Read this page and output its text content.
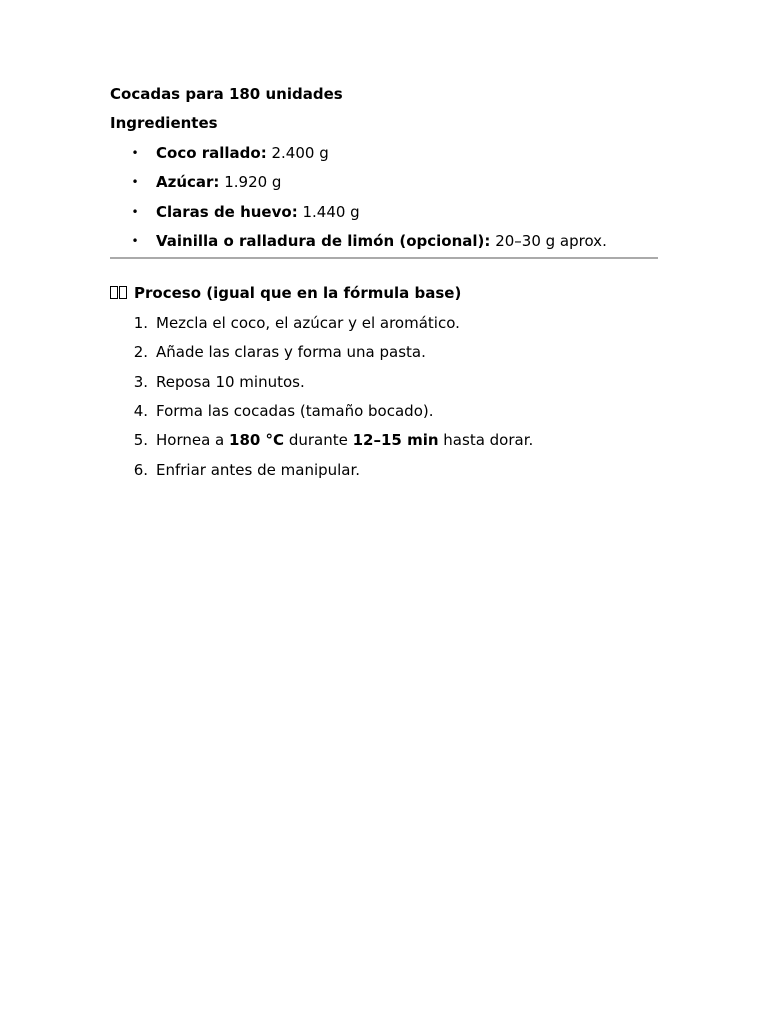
Cocadas para 180 unidades
Ingredientes
• Coco rallado: 2.400 g
• Azúcar: 1.920 g
• Claras de huevo: 1.440 g
• Vainilla o ralladura de limón (opcional): 20–30 g aprox.
Proceso (igual que en la fórmula base)
1. Mezcla el coco, el azúcar y el aromático.
2. Añade las claras y forma una pasta.
3. Reposa 10 minutos.
4. Forma las cocadas (tamaño bocado).
5. Hornea a 180 °C durante 12–15 min hasta dorar.
6. Enfriar antes de manipular.
